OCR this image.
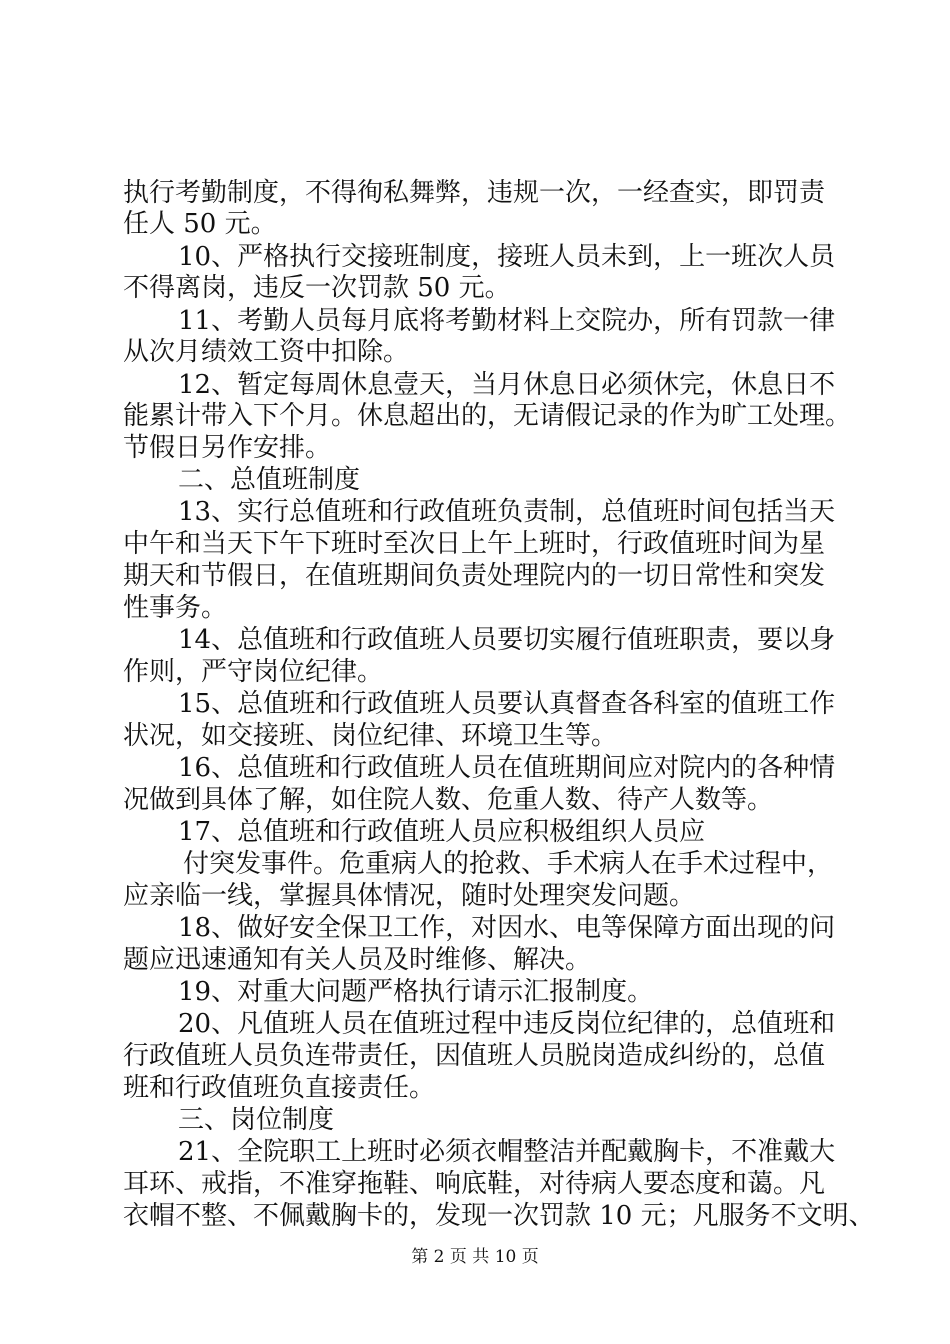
执行考勤制度，不得徇私舞弊，违规一次，一经查实，即罚责
任人 50 元。
10、严格执行交接班制度，接班人员未到，上一班次人员
不得离岗，违反一次罚款 50 元。
11、考勤人员每月底将考勤材料上交院办，所有罚款一律
从次月绩效工资中扣除。
12、暂定每周休息壹天，当月休息日必须休完，休息日不
能累计带入下个月。休息超出的，无请假记录的作为旷工处理。
节假日另作安排。
二、总值班制度
13、实行总值班和行政值班负责制，总值班时间包括当天
中午和当天下午下班时至次日上午上班时，行政值班时间为星
期天和节假日，在值班期间负责处理院内的一切日常性和突发
性事务。
14、总值班和行政值班人员要切实履行值班职责，要以身
作则，严守岗位纪律。
15、总值班和行政值班人员要认真督查各科室的值班工作
状况，如交接班、岗位纪律、环境卫生等。
16、总值班和行政值班人员在值班期间应对院内的各种情
况做到具体了解，如住院人数、危重人数、待产人数等。
17、总值班和行政值班人员应积极组织人员应
付突发事件。危重病人的抢救、手术病人在手术过程中，
应亲临一线，掌握具体情况，随时处理突发问题。
18、做好安全保卫工作，对因水、电等保障方面出现的问
题应迅速通知有关人员及时维修、解决。
19、对重大问题严格执行请示汇报制度。
20、凡值班人员在值班过程中违反岗位纪律的，总值班和
行政值班人员负连带责任，因值班人员脱岗造成纠纷的，总值
班和行政值班负直接责任。
三、岗位制度
21、全院职工上班时必须衣帽整洁并配戴胸卡，不准戴大
耳环、戒指，不准穿拖鞋、响底鞋，对待病人要态度和蔼。凡
衣帽不整、不佩戴胸卡的，发现一次罚款 10 元；凡服务不文明、
第 2 页 共 10 页
